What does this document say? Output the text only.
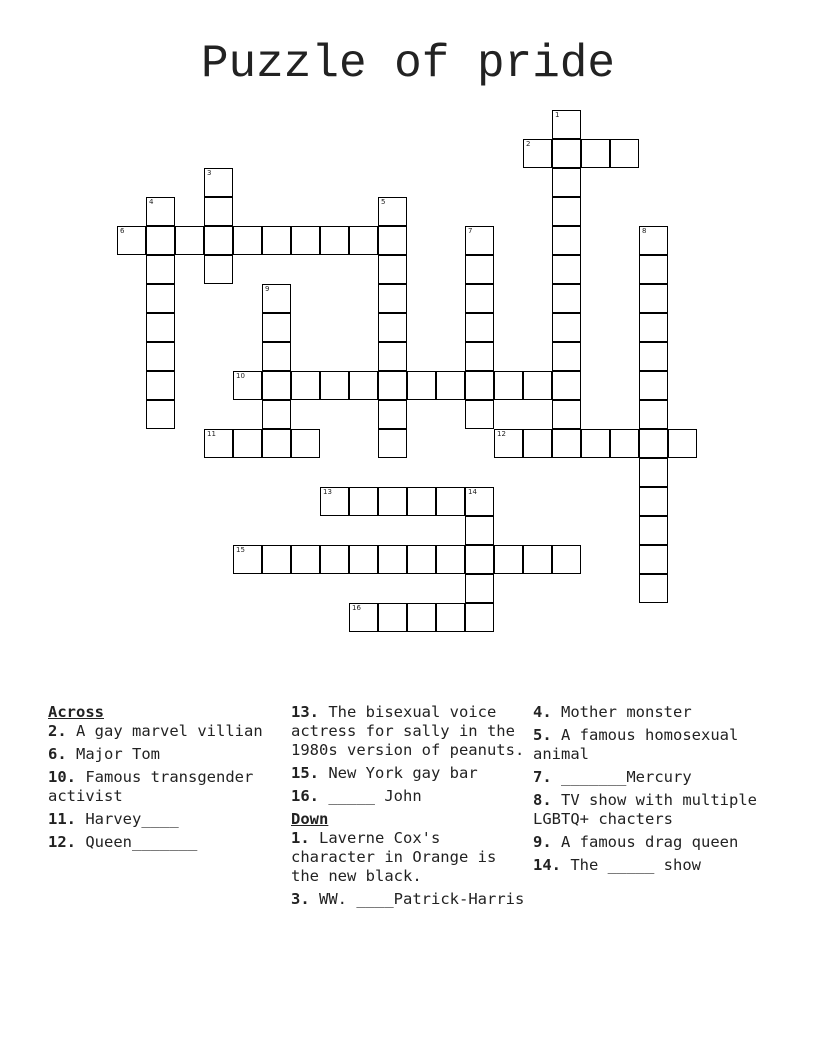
Puzzle of pride
1
2
3
4	5
6	7	8
9
10
11	12
13	14
15
16
Across
2. A gay marvel villian
6. Major Tom
10. Famous transgender activist
11. Harvey____
12. Queen_______
13. The bisexual voice actress for sally in the 1980s version of peanuts.
15. New York gay bar
16. _____ John
Down
1. Laverne Cox's character in Orange is the new black.
3. WW. ____Patrick-Harris
4. Mother monster
5. A famous homosexual animal
7. _______Mercury
8. TV show with multiple LGBTQ+ chacters
9. A famous drag queen
14. The _____ show
